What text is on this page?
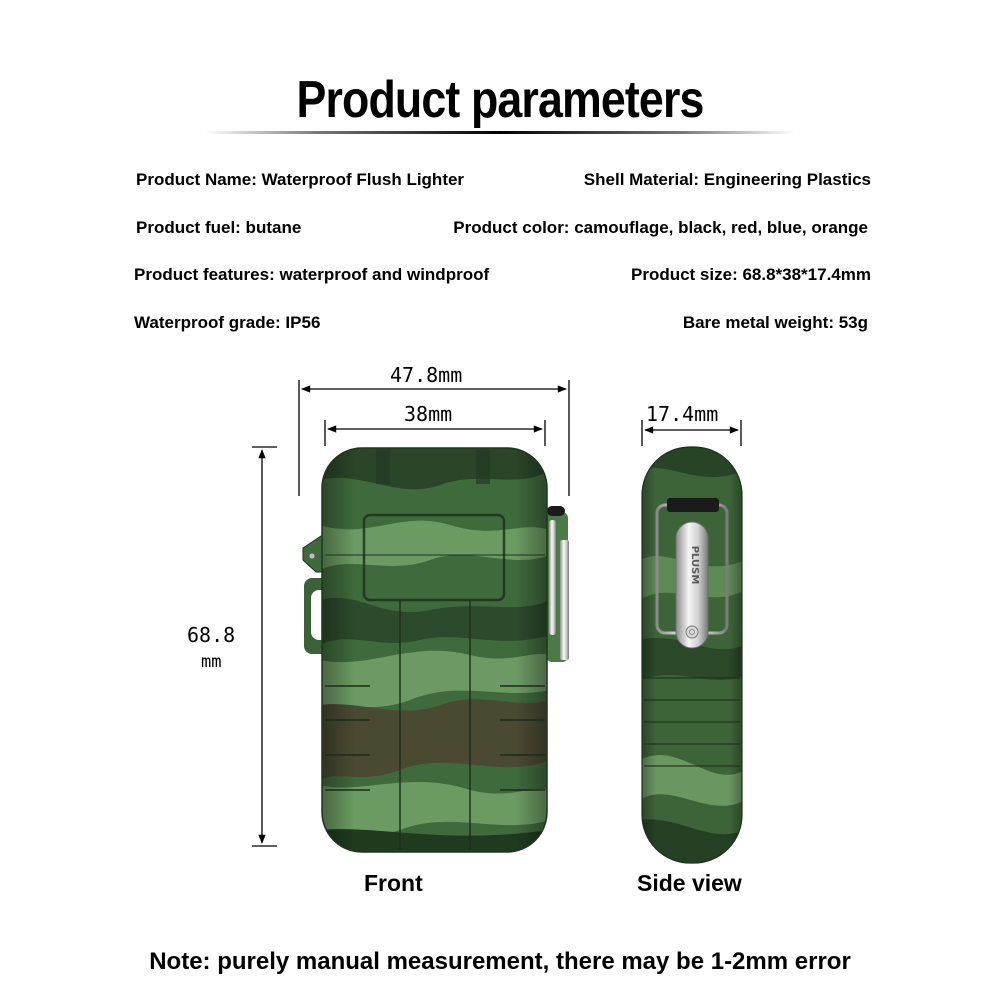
Product parameters
Product Name: Waterproof Flush Lighter	Shell Material: Engineering Plastics
Product fuel: butane	Product color: camouflage, black, red, blue, orange
Product features: waterproof and windproof	Product size: 68.8*38*17.4mm
Waterproof grade: IP56	Bare metal weight: 53g
47.8mm
38mm	17.4mm
68.8
mm
PLUSM
Front	Side view
Note: purely manual measurement, there may be 1-2mm error
